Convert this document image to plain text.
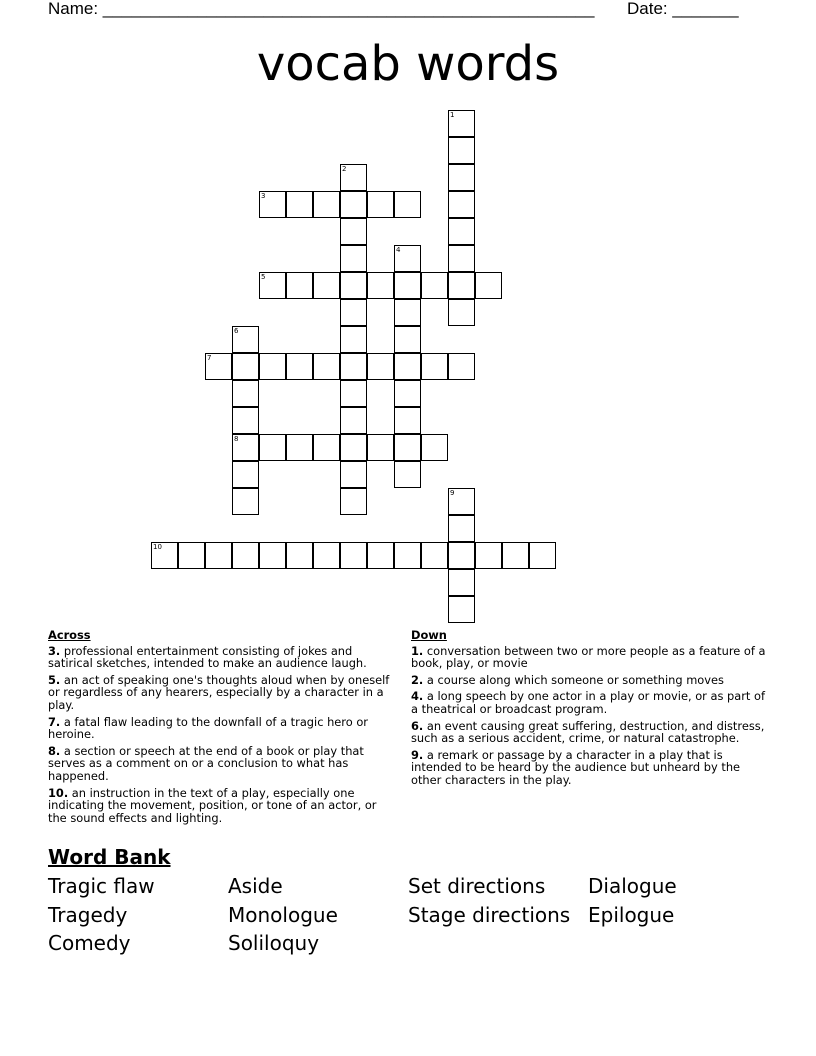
Name: ____________________________________________________ Date: _______
vocab words
1
2
3
4
5
6
8
7
9
10
Across
3. professional entertainment consisting of jokes and satirical sketches, intended to make an audience laugh.
5. an act of speaking one's thoughts aloud when by oneself or regardless of any hearers, especially by a character in a play.
7. a fatal flaw leading to the downfall of a tragic hero or heroine.
8. a section or speech at the end of a book or play that serves as a comment on or a conclusion to what has happened.
10. an instruction in the text of a play, especially one indicating the movement, position, or tone of an actor, or the sound effects and lighting.
Down
1. conversation between two or more people as a feature of a book, play, or movie
2. a course along which someone or something moves
4. a long speech by one actor in a play or movie, or as part of a theatrical or broadcast program.
6. an event causing great suffering, destruction, and distress, such as a serious accident, crime, or natural catastrophe.
9. a remark or passage by a character in a play that is intended to be heard by the audience but unheard by the other characters in the play.
Word Bank
Tragic flaw	Aside	Set directions	Dialogue
Tragedy	Monologue	Stage directions Epilogue
Comedy	Soliloquy
